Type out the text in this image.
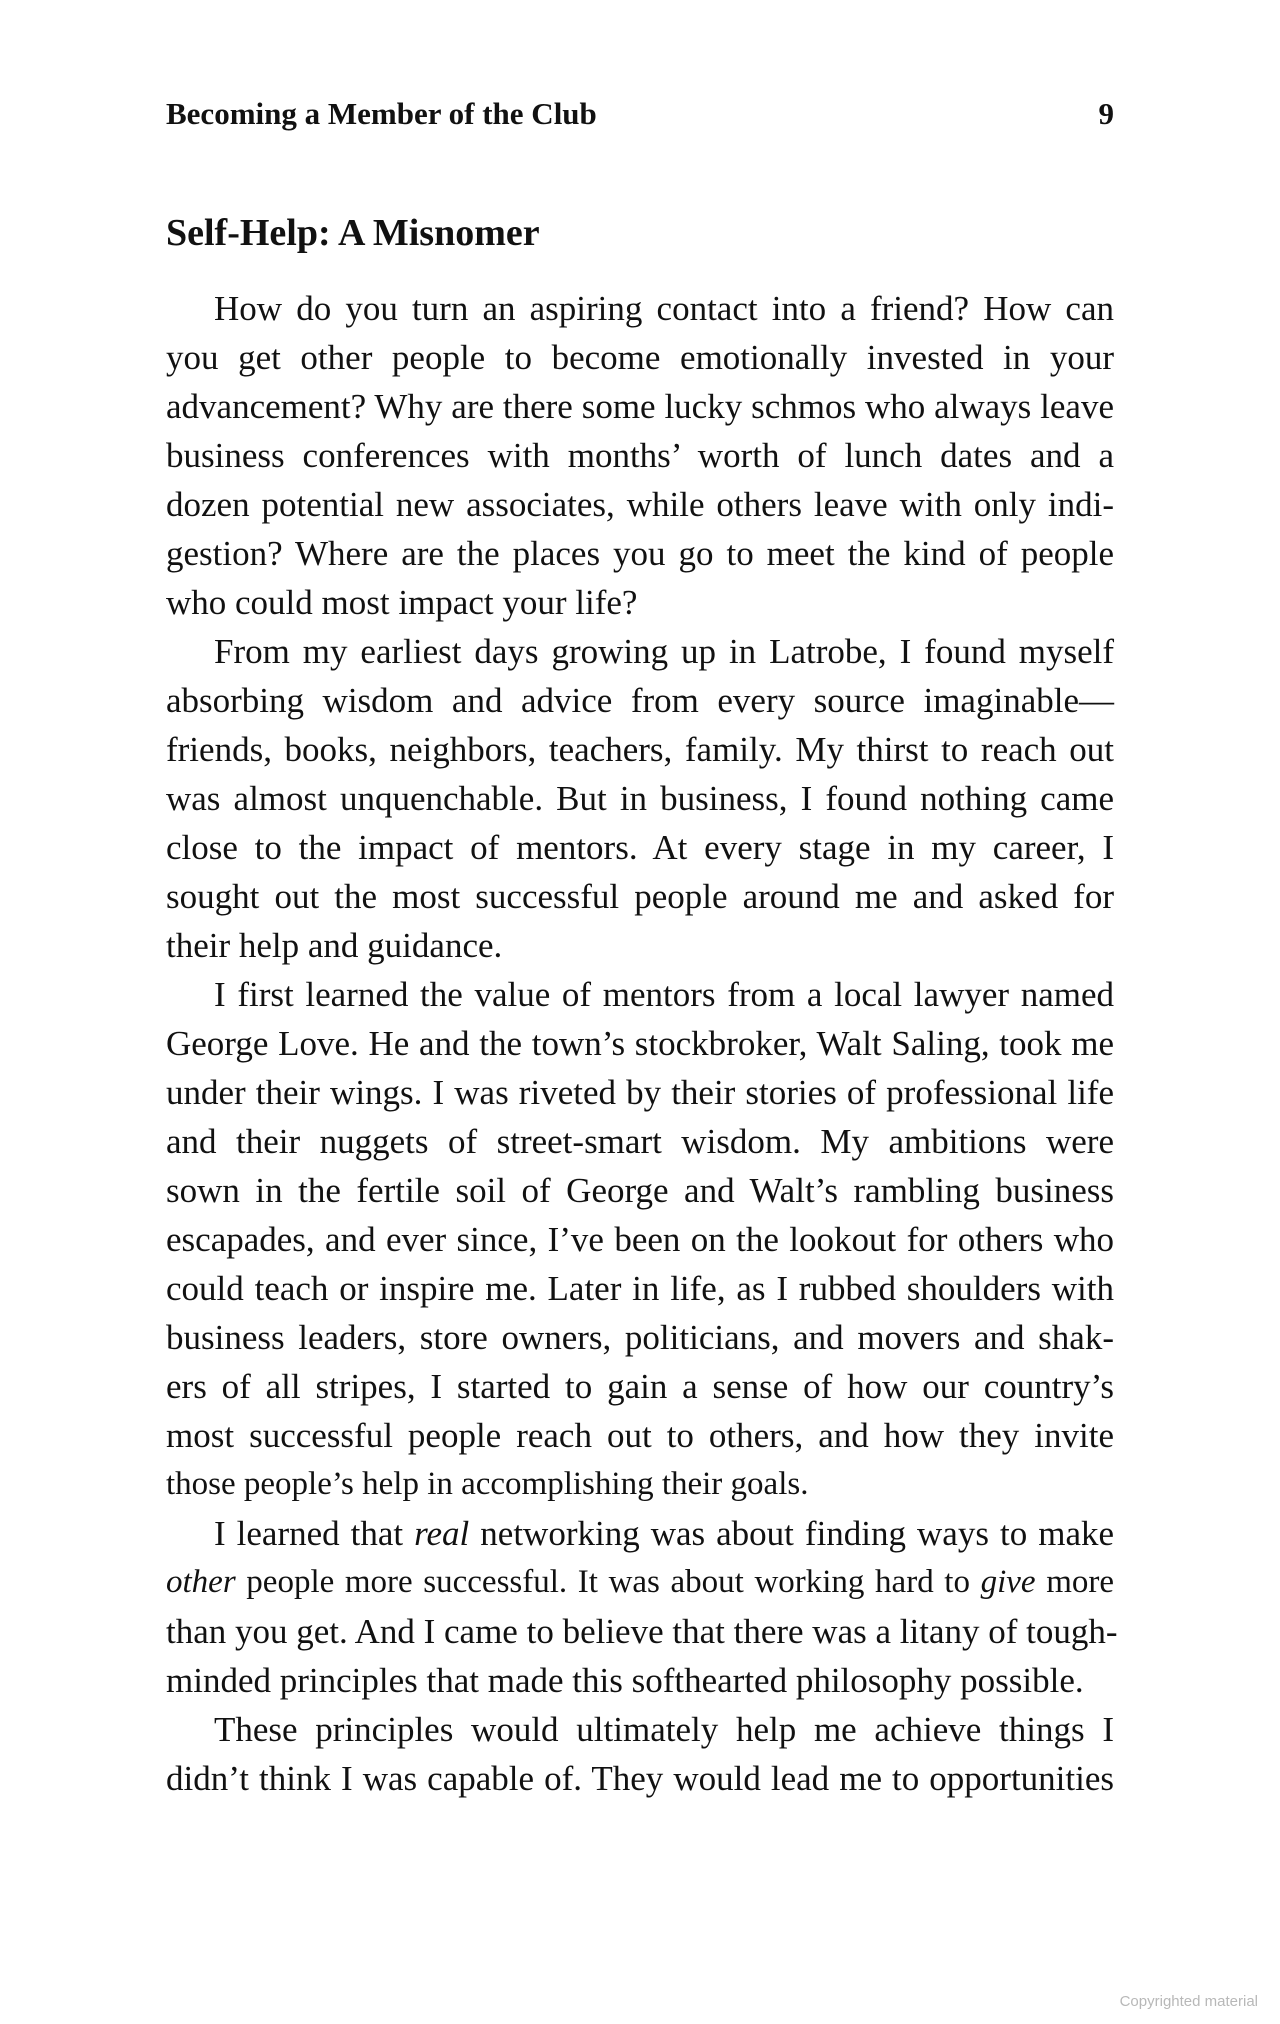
Becoming a Member of the Club	9
Self-Help: A Misnomer
How do you turn an aspiring contact into a friend? How can
you get other people to become emotionally invested in your
advancement? Why are there some lucky schmos who always leave
business conferences with months’ worth of lunch dates and a
dozen potential new associates, while others leave with only indi-
gestion? Where are the places you go to meet the kind of people
who could most impact your life?
From my earliest days growing up in Latrobe, I found myself
absorbing wisdom and advice from every source imaginable—
friends, books, neighbors, teachers, family. My thirst to reach out
was almost unquenchable. But in business, I found nothing came
close to the impact of mentors. At every stage in my career, I
sought out the most successful people around me and asked for
their help and guidance.
I first learned the value of mentors from a local lawyer named
George Love. He and the town’s stockbroker, Walt Saling, took me
under their wings. I was riveted by their stories of professional life
and their nuggets of street-smart wisdom. My ambitions were
sown in the fertile soil of George and Walt’s rambling business
escapades, and ever since, I’ve been on the lookout for others who
could teach or inspire me. Later in life, as I rubbed shoulders with
business leaders, store owners, politicians, and movers and shak-
ers of all stripes, I started to gain a sense of how our country’s
most successful people reach out to others, and how they invite
those people’s help in accomplishing their goals.
I learned that real networking was about finding ways to make
other people more successful. It was about working hard to give more
than you get. And I came to believe that there was a litany of tough-
minded principles that made this softhearted philosophy possible.
These principles would ultimately help me achieve things I
didn’t think I was capable of. They would lead me to opportunities
Copyrighted material
